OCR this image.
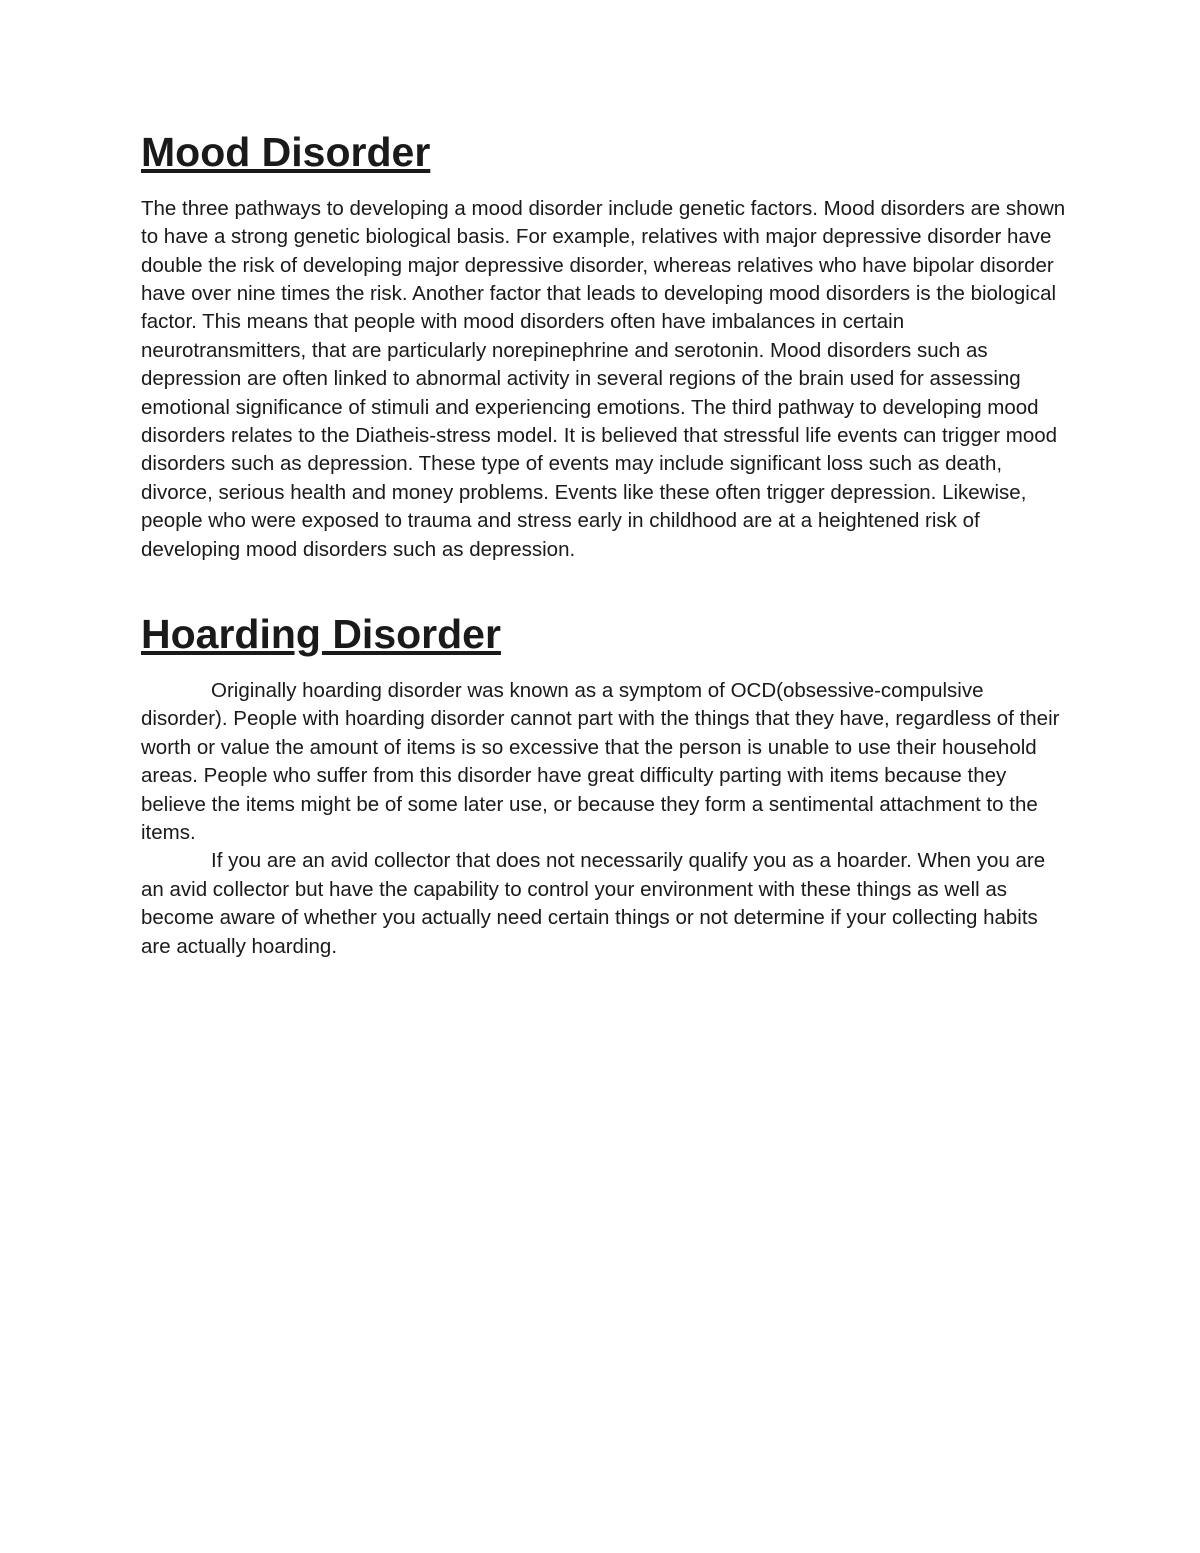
Mood Disorder

The three pathways to developing a mood disorder include genetic factors. Mood disorders are shown to have a strong genetic biological basis. For example, relatives with major depressive disorder have double the risk of developing major depressive disorder, whereas relatives who have bipolar disorder have over nine times the risk. Another factor that leads to developing mood disorders is the biological factor. This means that people with mood disorders often have imbalances in certain neurotransmitters, that are particularly norepinephrine and serotonin. Mood disorders such as depression are often linked to abnormal activity in several regions of the brain used for assessing emotional significance of stimuli and experiencing emotions. The third pathway to developing mood disorders relates to the Diatheis-stress model. It is believed that stressful life events can trigger mood disorders such as depression. These type of events may include significant loss such as death, divorce, serious health and money problems. Events like these often trigger depression. Likewise, people who were exposed to trauma and stress early in childhood are at a heightened risk of developing mood disorders such as depression.

Hoarding Disorder

Originally hoarding disorder was known as a symptom of OCD(obsessive-compulsive disorder). People with hoarding disorder cannot part with the things that they have, regardless of their worth or value the amount of items is so excessive that the person is unable to use their household areas. People who suffer from this disorder have great difficulty parting with items because they believe the items might be of some later use, or because they form a sentimental attachment to the items.

If you are an avid collector that does not necessarily qualify you as a hoarder. When you are an avid collector but have the capability to control your environment with these things as well as become aware of whether you actually need certain things or not determine if your collecting habits are actually hoarding.
